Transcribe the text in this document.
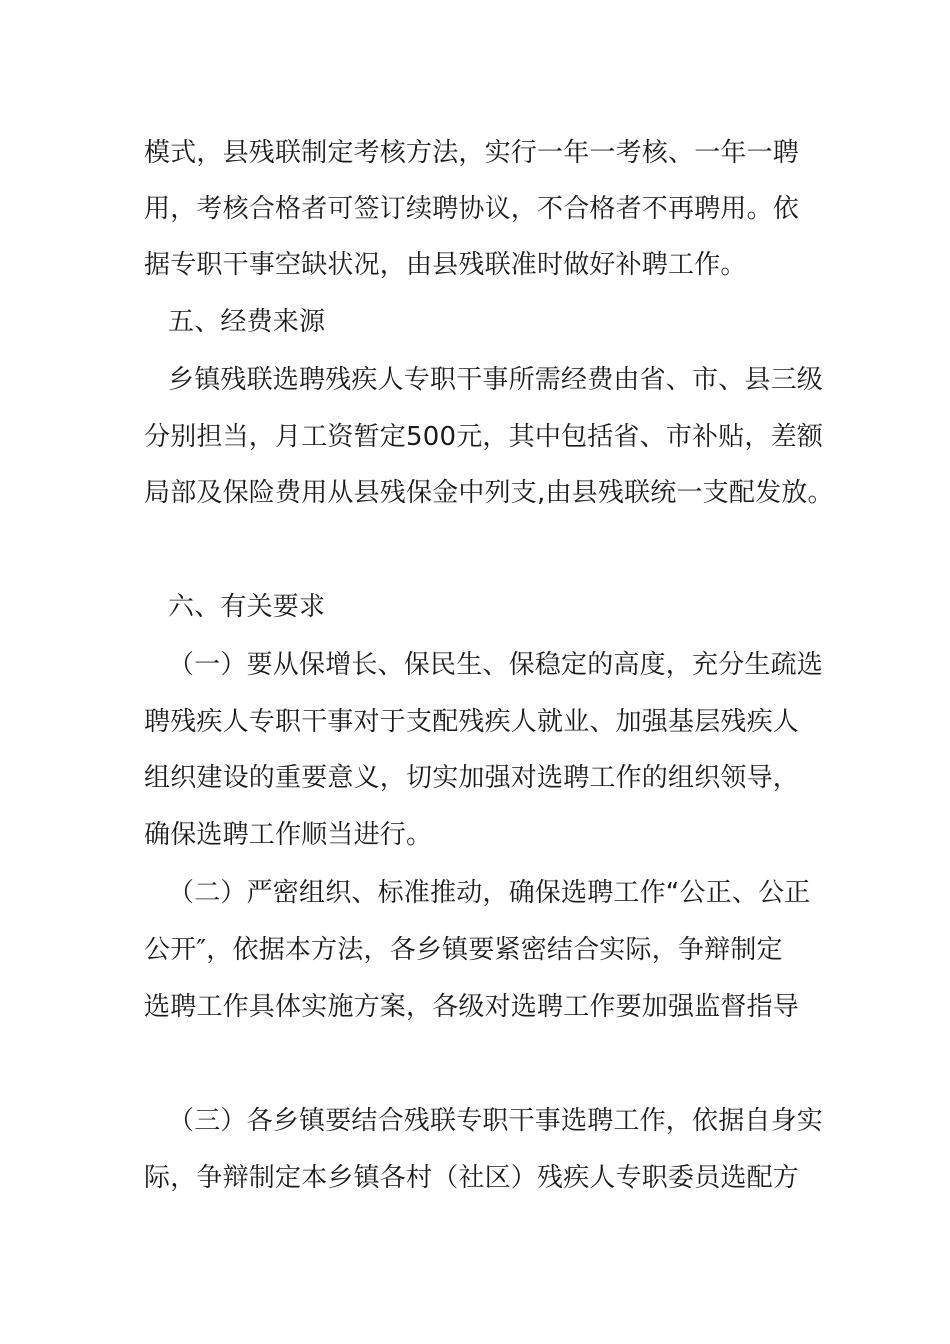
模式，县残联制定考核方法，实行一年一考核、一年一聘
用，考核合格者可签订续聘协议，不合格者不再聘用。依
据专职干事空缺状况，由县残联准时做好补聘工作。
五、经费来源
乡镇残联选聘残疾人专职干事所需经费由省、市、县三级
分别担当，月工资暂定500元，其中包括省、市补贴，差额
局部及保险费用从县残保金中列支,由县残联统一支配发放。
六、有关要求
（一）要从保增长、保民生、保稳定的高度，充分生疏选
聘残疾人专职干事对于支配残疾人就业、加强基层残疾人
组织建设的重要意义，切实加强对选聘工作的组织领导，
确保选聘工作顺当进行。
（二）严密组织、标准推动，确保选聘工作“公正、公正
公开″，依据本方法，各乡镇要紧密结合实际，争辩制定
选聘工作具体实施方案，各级对选聘工作要加强监督指导
（三）各乡镇要结合残联专职干事选聘工作，依据自身实
际，争辩制定本乡镇各村（社区）残疾人专职委员选配方
